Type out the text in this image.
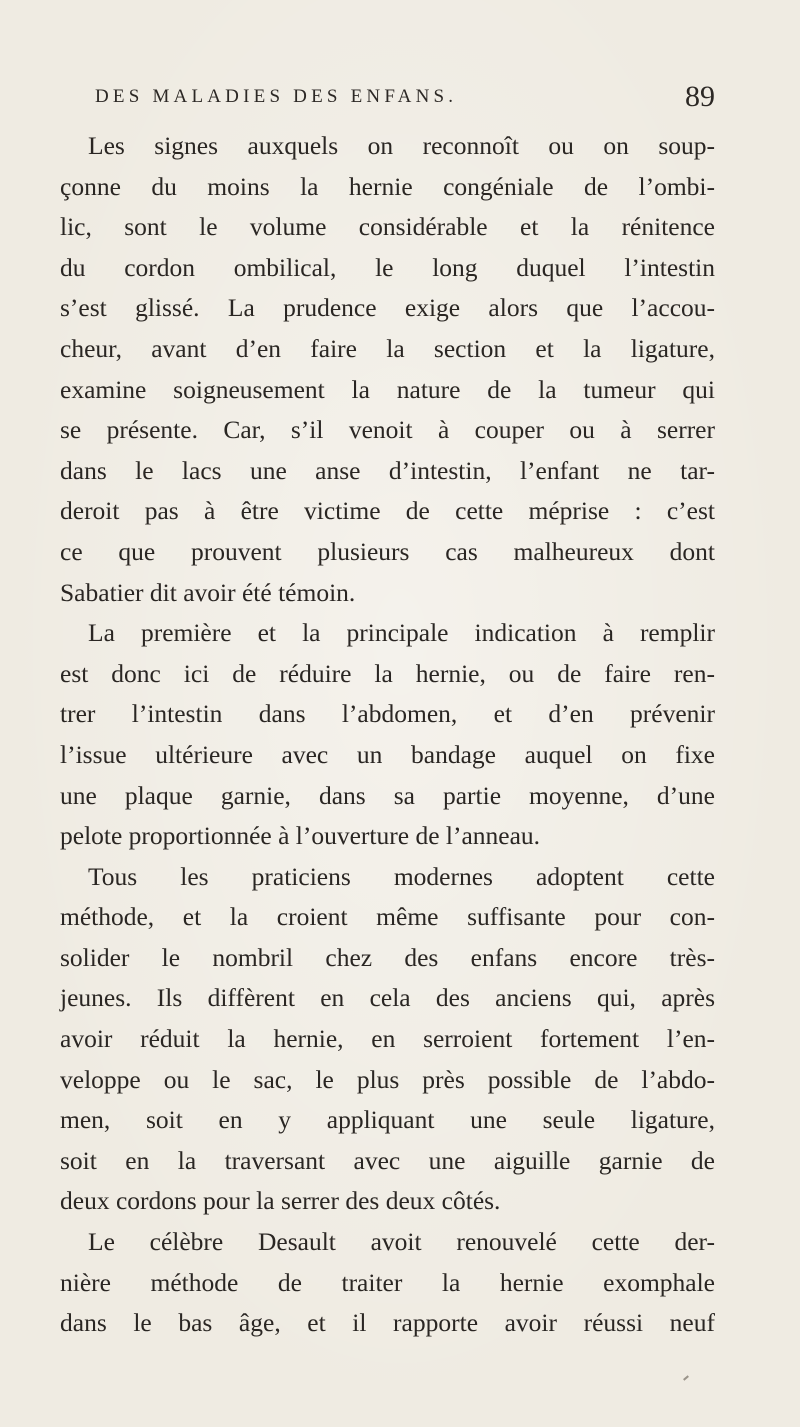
DES MALADIES DES ENFANS.	89
Les signes auxquels on reconnoît ou on soup-
çonne du moins la hernie congéniale de l’ombi-
lic, sont le volume considérable et la rénitence
du cordon ombilical, le long duquel l’intestin
s’est glissé. La prudence exige alors que l’accou-
cheur, avant d’en faire la section et la ligature,
examine soigneusement la nature de la tumeur qui
se présente. Car, s’il venoit à couper ou à serrer
dans le lacs une anse d’intestin, l’enfant ne tar-
deroit pas à être victime de cette méprise : c’est
ce que prouvent plusieurs cas malheureux dont
Sabatier dit avoir été témoin.
La première et la principale indication à remplir
est donc ici de réduire la hernie, ou de faire ren-
trer l’intestin dans l’abdomen, et d’en prévenir
l’issue ultérieure avec un bandage auquel on fixe
une plaque garnie, dans sa partie moyenne, d’une
pelote proportionnée à l’ouverture de l’anneau.
Tous les praticiens modernes adoptent cette
méthode, et la croient même suffisante pour con-
solider le nombril chez des enfans encore très-
jeunes. Ils diffèrent en cela des anciens qui, après
avoir réduit la hernie, en serroient fortement l’en-
veloppe ou le sac, le plus près possible de l’abdo-
men, soit en y appliquant une seule ligature,
soit en la traversant avec une aiguille garnie de
deux cordons pour la serrer des deux côtés.
Le célèbre Desault avoit renouvelé cette der-
nière méthode de traiter la hernie exomphale
dans le bas âge, et il rapporte avoir réussi neuf
